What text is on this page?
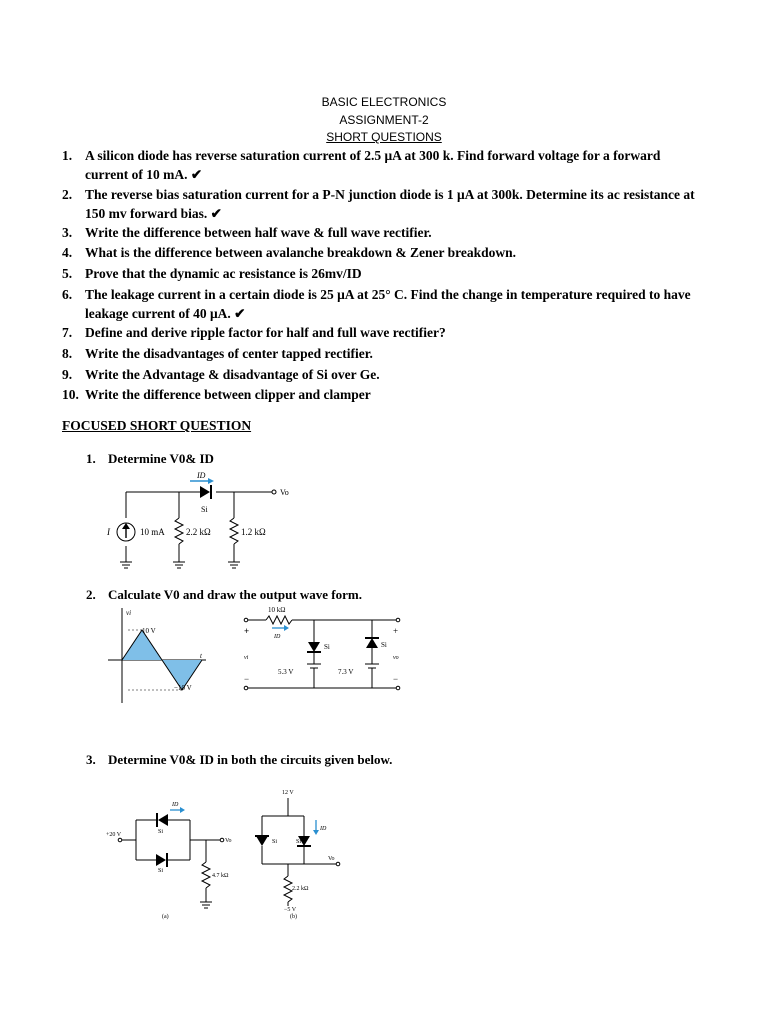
BASIC ELECTRONICS
ASSIGNMENT-2
SHORT QUESTIONS
1. A silicon diode has reverse saturation current of 2.5 μA at 300 k. Find forward voltage for a forward current of 10 mA. ✔
2. The reverse bias saturation current for a P-N junction diode is 1 μA at 300k. Determine its ac resistance at 150 mv forward bias. ✔
3. Write the difference between half wave & full wave rectifier.
4. What is the difference between avalanche breakdown & Zener breakdown.
5. Prove that the dynamic ac resistance is 26mv/ID
6. The leakage current in a certain diode is 25 μA at 25° C. Find the change in temperature required to have leakage current of 40 μA. ✔
7. Define and derive ripple factor for half and full wave rectifier?
8. Write the disadvantages of center tapped rectifier.
9. Write the Advantage & disadvantage of Si over Ge.
10. Write the difference between clipper and clamper
FOCUSED SHORT QUESTION
1. Determine V0& ID
2. Calculate V0 and draw the output wave form.
3. Determine V0& ID in both the circuits given below.
ID
Si
Vo
I	10 mA 2.2 kΩ	1.2 kΩ
vi
10 V
−10 V
t
10 kΩ
ID
Si	Si
5.3 V	7.3 V
+
vi
−
+
vo
−
ID
Si
Si
+20 V
Vo
4.7 kΩ
(a)
12 V
ID
Si	Si
Vo
2.2 kΩ
−5 V
(b)
